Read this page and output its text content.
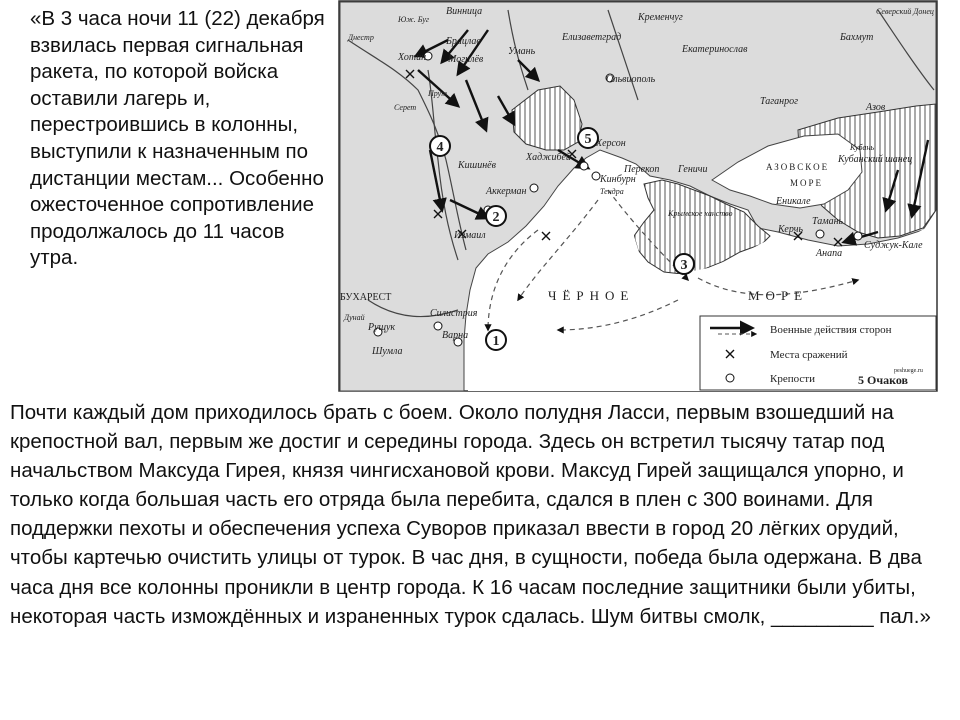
«В 3 часа ночи 11 (22) декабря взвилась первая сигнальная ракета, по которой войска оставили лагерь и, перестроившись в колонны, выступили к назначенным по дистанции местам... Особенно ожесточенное сопротивление продолжалось до 11 часов утра.
1
2
3
4
5
ЧЁРНОЕ	МОРЕ
АЗОВСКОЕ
МОРЕ
Винница
Юж. Буг
Днестр
Хотин
Брацлав
Могилёв
Умань
Кременчуг
Елизаветград
Екатеринослав
Северский Донец
Бахмут
Ольвиополь
Таганрог
Азов
Серет
Прут
Кишинёв
Хаджибей
Херсон
Перекоп Геничи
Кинбурн
Тендра
Аккерман
Кубань
Кубанский шанец
Еникале
Керчь
Тамань
Анапа
Суджук-Кале
Крымское ханство
БУХАРЕСТ
Дунай
Рущук
Силистрия
Шумла
Варна
Измаил
Военные действия сторон
Места сражений
Крепости	5 Очаков
реshuege.ru
Почти каждый дом приходилось брать с боем. Около полудня Ласси, первым взошедший на крепостной вал, первым же достиг и середины города. Здесь он встретил тысячу татар под начальством Максуда Гирея, князя чингисхановой крови. Максуд Гирей защищался упорно, и только когда большая часть его отряда была перебита, сдался в плен с 300 воинами. Для поддержки пехоты и обеспечения успеха Суворов приказал ввести в город 20 лёгких орудий, чтобы картечью очистить улицы от турок. В час дня, в сущности, победа была одержана. В два часа дня все колонны проникли в центр города. К 16 часам последние защитники были убиты, некоторая часть измождённых и израненных турок сдалась. Шум битвы смолк, _________ пал.»
